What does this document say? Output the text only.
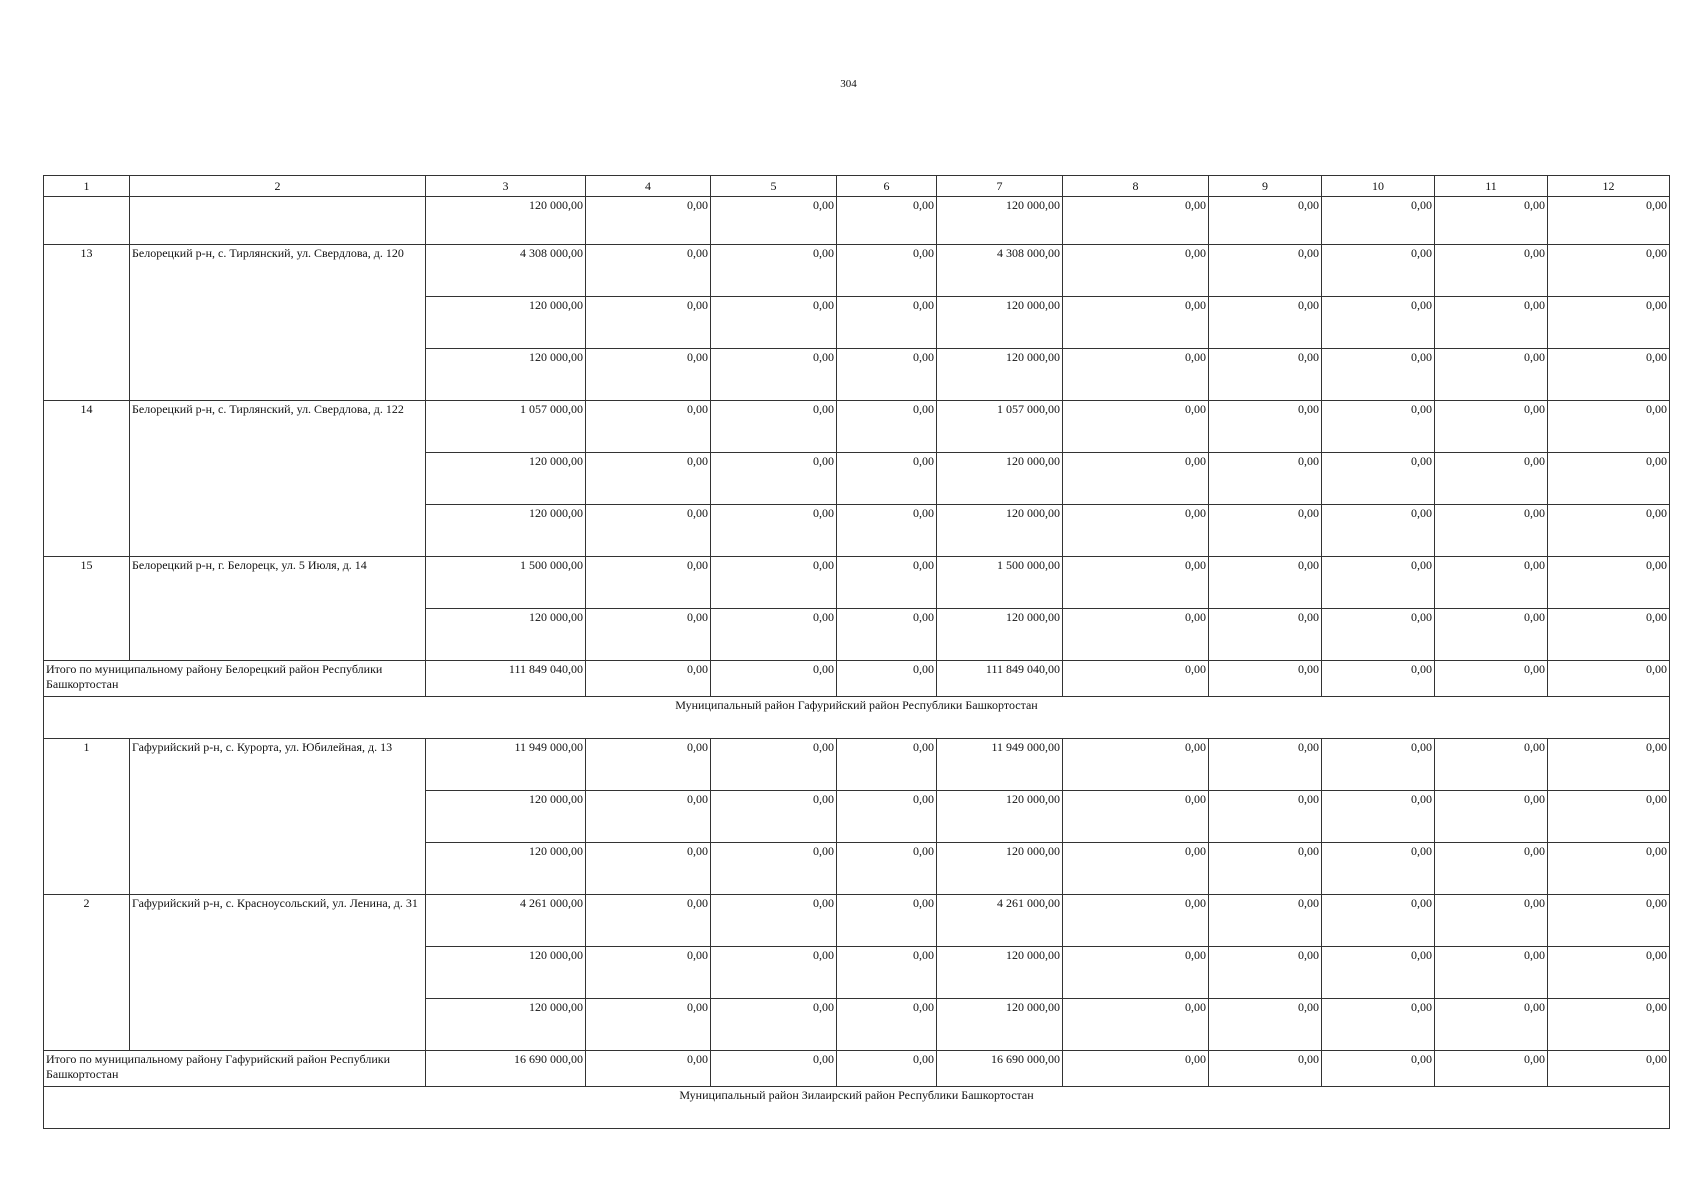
304
1	2	3	4	5	6	7	8	9	10	11	12
		120 000,00	0,00	0,00	0,00	120 000,00	0,00	0,00	0,00	0,00	0,00
13	Белорецкий р-н, с. Тирлянский, ул. Свердлова, д. 120	4 308 000,00	0,00	0,00	0,00	4 308 000,00	0,00	0,00	0,00	0,00	0,00
		120 000,00	0,00	0,00	0,00	120 000,00	0,00	0,00	0,00	0,00	0,00
		120 000,00	0,00	0,00	0,00	120 000,00	0,00	0,00	0,00	0,00	0,00
14	Белорецкий р-н, с. Тирлянский, ул. Свердлова, д. 122	1 057 000,00	0,00	0,00	0,00	1 057 000,00	0,00	0,00	0,00	0,00	0,00
		120 000,00	0,00	0,00	0,00	120 000,00	0,00	0,00	0,00	0,00	0,00
		120 000,00	0,00	0,00	0,00	120 000,00	0,00	0,00	0,00	0,00	0,00
15	Белорецкий р-н, г. Белорецк, ул. 5 Июля, д. 14	1 500 000,00	0,00	0,00	0,00	1 500 000,00	0,00	0,00	0,00	0,00	0,00
		120 000,00	0,00	0,00	0,00	120 000,00	0,00	0,00	0,00	0,00	0,00
Итого по муниципальному району Белорецкий район Республики Башкортостан		111 849 040,00	0,00	0,00	0,00	111 849 040,00	0,00	0,00	0,00	0,00	0,00
Муниципальный район Гафурийский район Республики Башкортостан											
1	Гафурийский р-н, с. Курорта, ул. Юбилейная, д. 13	11 949 000,00	0,00	0,00	0,00	11 949 000,00	0,00	0,00	0,00	0,00	0,00
		120 000,00	0,00	0,00	0,00	120 000,00	0,00	0,00	0,00	0,00	0,00
		120 000,00	0,00	0,00	0,00	120 000,00	0,00	0,00	0,00	0,00	0,00
2	Гафурийский р-н, с. Красноусольский, ул. Ленина, д. 31	4 261 000,00	0,00	0,00	0,00	4 261 000,00	0,00	0,00	0,00	0,00	0,00
		120 000,00	0,00	0,00	0,00	120 000,00	0,00	0,00	0,00	0,00	0,00
		120 000,00	0,00	0,00	0,00	120 000,00	0,00	0,00	0,00	0,00	0,00
Итого по муниципальному району Гафурийский район Республики Башкортостан		16 690 000,00	0,00	0,00	0,00	16 690 000,00	0,00	0,00	0,00	0,00	0,00
Муниципальный район Зилаирский район Республики Башкортостан											
